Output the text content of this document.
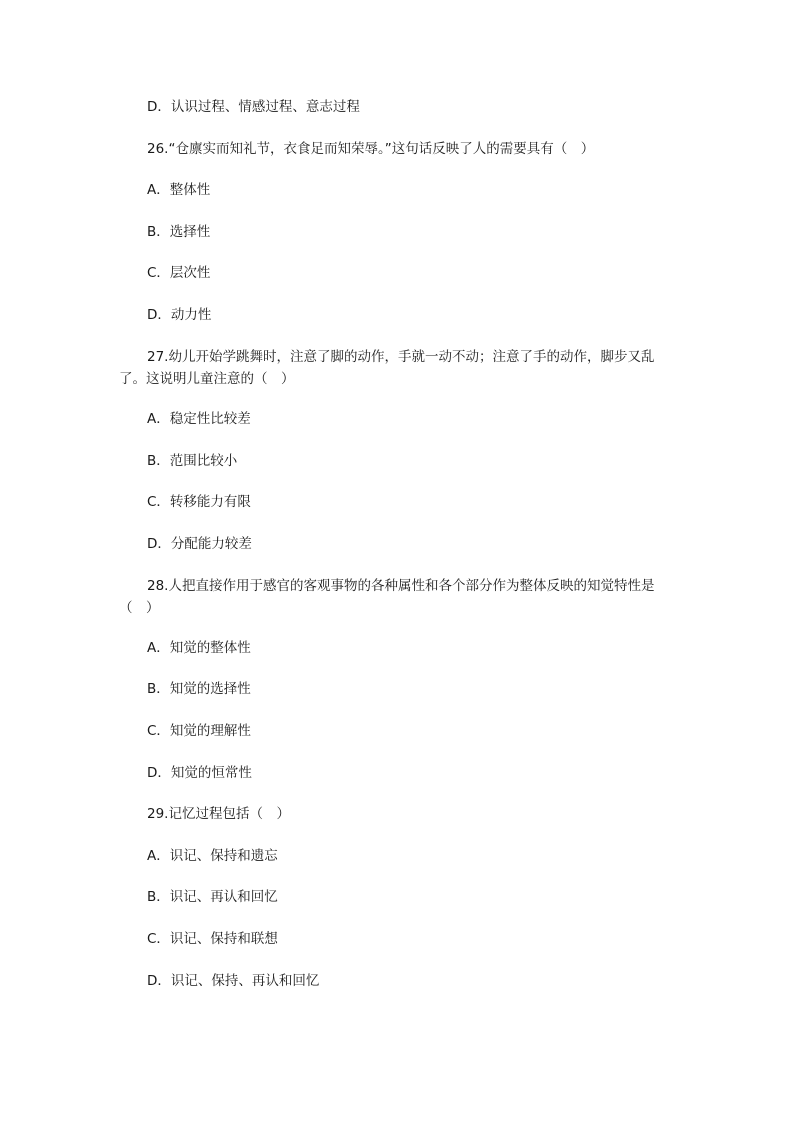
D．认识过程、情感过程、意志过程
26.“仓廪实而知礼节，衣食足而知荣辱。”这句话反映了人的需要具有（　）
A．整体性
B．选择性
C．层次性
D．动力性
27.幼儿开始学跳舞时，注意了脚的动作，手就一动不动；注意了手的动作，脚步又乱了。这说明儿童注意的（　）
A．稳定性比较差
B．范围比较小
C．转移能力有限
D．分配能力较差
28.人把直接作用于感官的客观事物的各种属性和各个部分作为整体反映的知觉特性是（　）
A．知觉的整体性
B．知觉的选择性
C．知觉的理解性
D．知觉的恒常性
29.记忆过程包括（　）
A．识记、保持和遗忘
B．识记、再认和回忆
C．识记、保持和联想
D．识记、保持、再认和回忆
